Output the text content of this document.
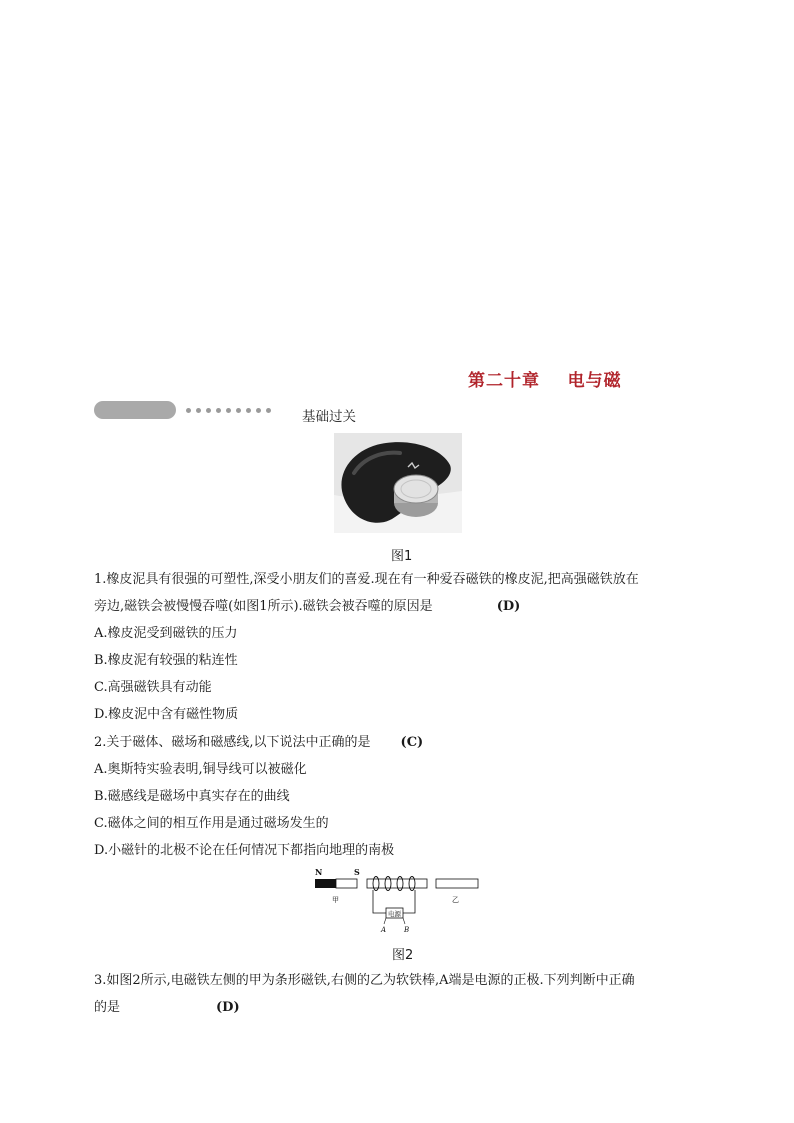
第二十章    电与磁
基础过关
图1
1.橡皮泥具有很强的可塑性,深受小朋友们的喜爱.现在有一种爱吞磁铁的橡皮泥,把高强磁铁放在
旁边,磁铁会被慢慢吞噬(如图1所示).磁铁会被吞噬的原因是	(D)
A.橡皮泥受到磁铁的压力
B.橡皮泥有较强的粘连性
C.高强磁铁具有动能
D.橡皮泥中含有磁性物质
2.关于磁体、磁场和磁感线,以下说法中正确的是 (C)
A.奥斯特实验表明,铜导线可以被磁化
B.磁感线是磁场中真实存在的曲线
C.磁体之间的相互作用是通过磁场发生的
D.小磁针的北极不论在任何情况下都指向地理的南极
N	S
甲
电源
A	B
乙
图2
3.如图2所示,电磁铁左侧的甲为条形磁铁,右侧的乙为软铁棒,A端是电源的正极.下列判断中正确
的是	(D)
